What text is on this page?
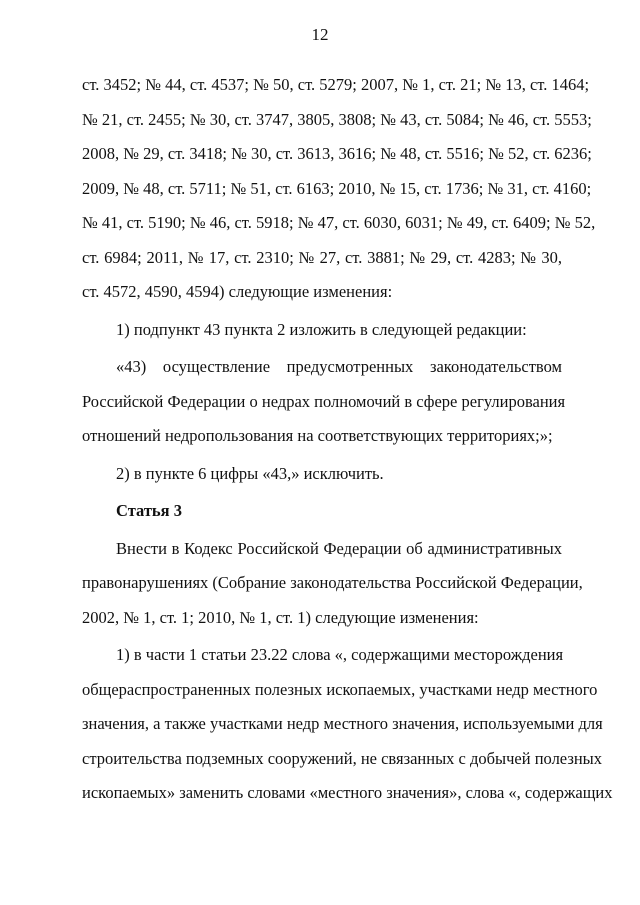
12
ст. 3452; № 44, ст. 4537; № 50, ст. 5279; 2007, № 1, ст. 21; № 13, ст. 1464;
№ 21, ст. 2455; № 30, ст. 3747, 3805, 3808; № 43, ст. 5084; № 46, ст. 5553;
2008, № 29, ст. 3418; № 30, ст. 3613, 3616; № 48, ст. 5516; № 52, ст. 6236;
2009, № 48, ст. 5711; № 51, ст. 6163; 2010, № 15, ст. 1736; № 31, ст. 4160;
№ 41, ст. 5190; № 46, ст. 5918; № 47, ст. 6030, 6031; № 49, ст. 6409; № 52,
ст. 6984; 2011, № 17, ст. 2310; № 27, ст. 3881; № 29, ст. 4283; № 30,
ст. 4572, 4590, 4594) следующие изменения:
1) подпункт 43 пункта 2 изложить в следующей редакции:
«43) осуществление предусмотренных законодательством
Российской Федерации о недрах полномочий в сфере регулирования
отношений недропользования на соответствующих территориях;»;
2) в пункте 6 цифры «43,» исключить.
Статья 3
Внести в Кодекс Российской Федерации об административных
правонарушениях (Собрание законодательства Российской Федерации,
2002, № 1, ст. 1; 2010, № 1, ст. 1) следующие изменения:
1) в части 1 статьи 23.22 слова «, содержащими месторождения
общераспространенных полезных ископаемых, участками недр местного
значения, а также участками недр местного значения, используемыми для
строительства подземных сооружений, не связанных с добычей полезных
ископаемых» заменить словами «местного значения», слова «, содержащих
